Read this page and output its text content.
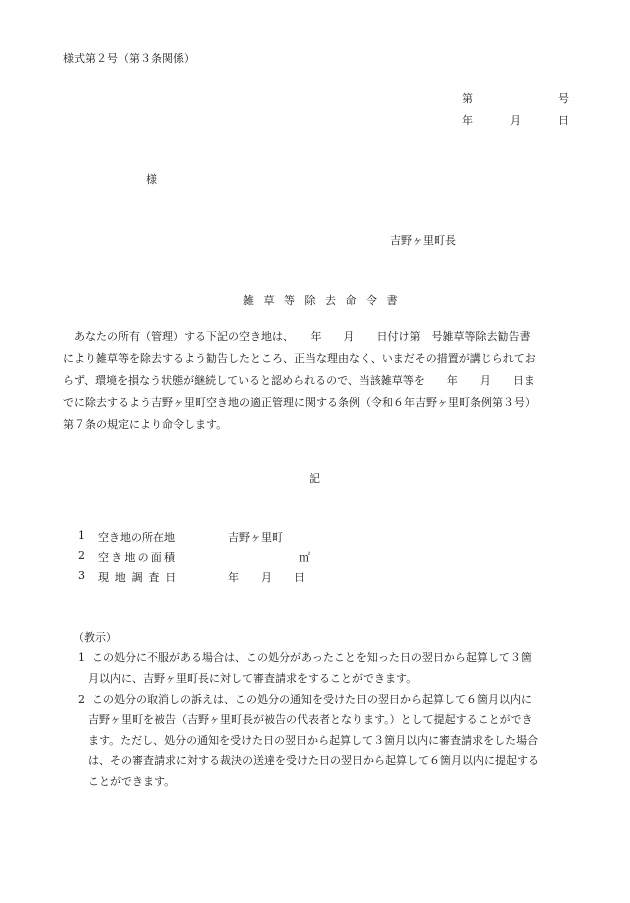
様式第２号（第３条関係）
第	号
年	月	日
様
吉野ヶ里町長
雑草等除去命令書
あなたの所有（管理）する下記の空き地は、　　年　　月　　日付け第　号雑草等除去勧告書
により雑草等を除去するよう勧告したところ、正当な理由なく、いまだその措置が講じられてお
らず、環境を損なう状態が継続していると認められるので、当該雑草等を　　年　　月　　日ま
でに除去するよう吉野ヶ里町空き地の適正管理に関する条例（令和６年吉野ヶ里町条例第３号）
第７条の規定により命令します。
記
1 空き地の所在地	吉野ヶ里町
2 空き地の面積	㎡
3 現地調査日	年　　月　　日
（教示）
1 この処分に不服がある場合は、この処分があったことを知った日の翌日から起算して３箇
月以内に、吉野ヶ里町長に対して審査請求をすることができます。
2 この処分の取消しの訴えは、この処分の通知を受けた日の翌日から起算して６箇月以内に
吉野ヶ里町を被告（吉野ヶ里町長が被告の代表者となります。）として提起することができ
ます。ただし、処分の通知を受けた日の翌日から起算して３箇月以内に審査請求をした場合
は、その審査請求に対する裁決の送達を受けた日の翌日から起算して６箇月以内に提起する
ことができます。
